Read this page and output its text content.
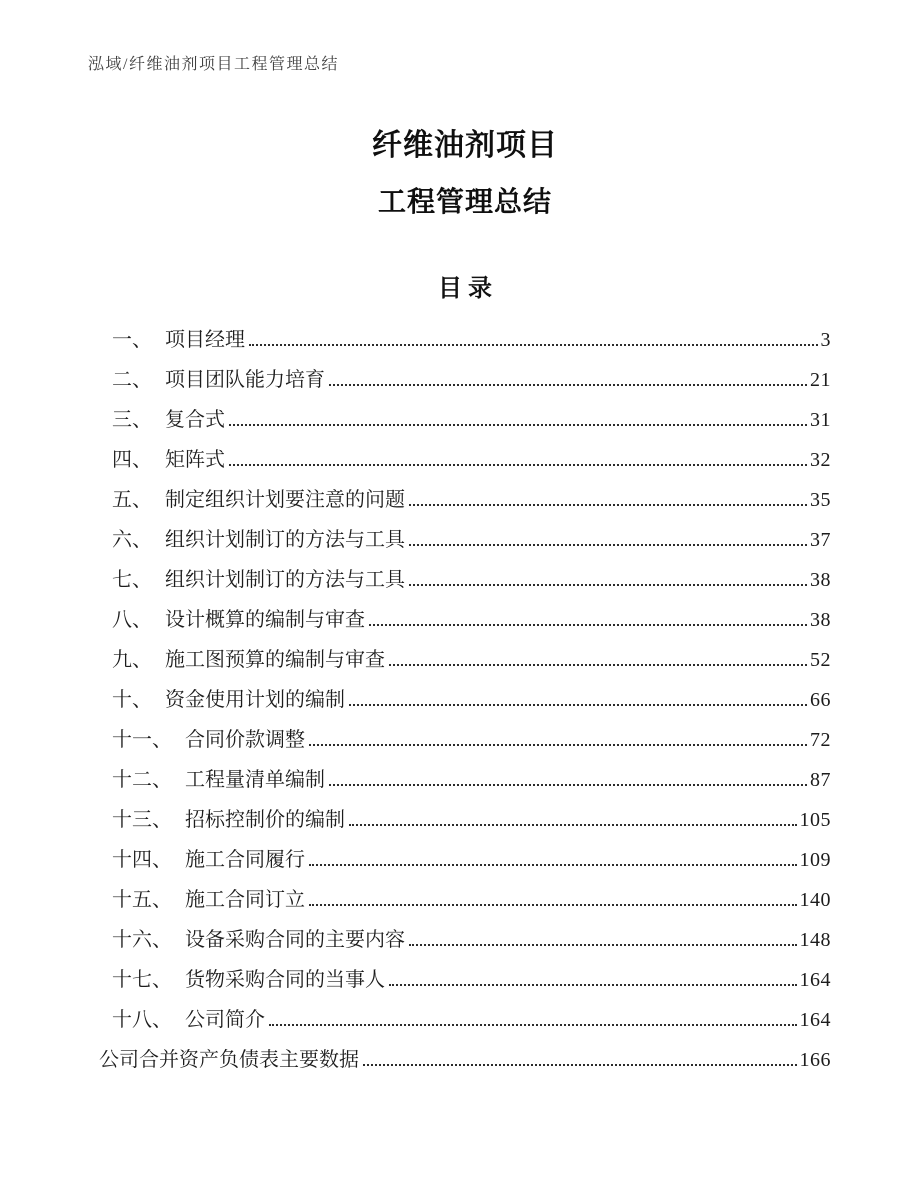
泓域/纤维油剂项目工程管理总结
纤维油剂项目
工程管理总结
目录
一、 项目经理	3
二、 项目团队能力培育	21
三、 复合式	31
四、 矩阵式	32
五、 制定组织计划要注意的问题	35
六、 组织计划制订的方法与工具	37
七、 组织计划制订的方法与工具	38
八、 设计概算的编制与审查	38
九、 施工图预算的编制与审查	52
十、 资金使用计划的编制	66
十一、 合同价款调整	72
十二、 工程量清单编制	87
十三、 招标控制价的编制	105
十四、 施工合同履行	109
十五、 施工合同订立	140
十六、 设备采购合同的主要内容	148
十七、 货物采购合同的当事人	164
十八、 公司简介	164
公司合并资产负债表主要数据	166
